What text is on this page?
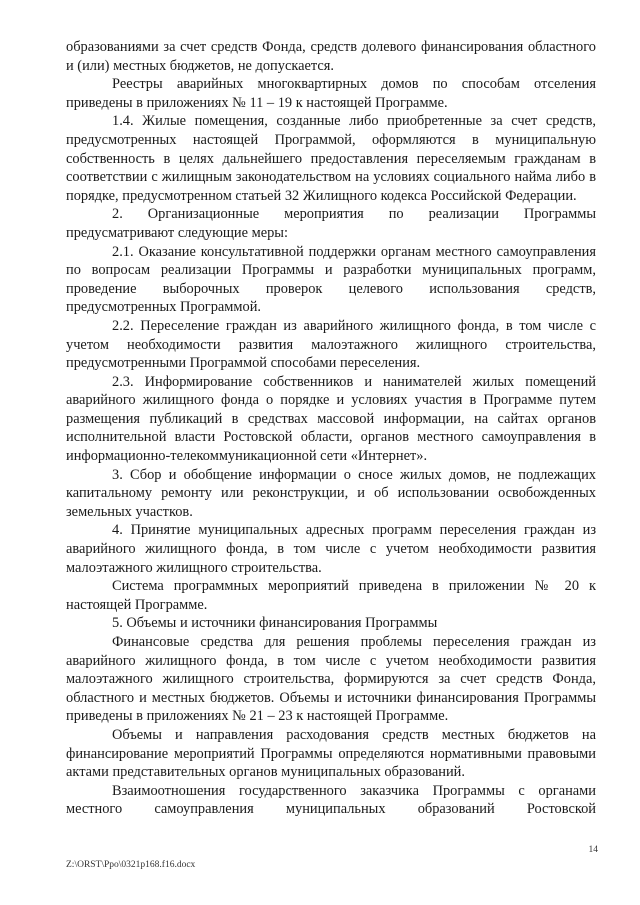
образованиями за счет средств Фонда, средств долевого финансирования областного и (или) местных бюджетов, не допускается.

Реестры аварийных многоквартирных домов по способам отселения приведены в приложениях № 11 – 19 к настоящей Программе.

1.4. Жилые помещения, созданные либо приобретенные за счет средств, предусмотренных настоящей Программой, оформляются в муниципальную собственность в целях дальнейшего предоставления переселяемым гражданам в соответствии с жилищным законодательством на условиях социального найма либо в порядке, предусмотренном статьей 32 Жилищного кодекса Российской Федерации.

2. Организационные мероприятия по реализации Программы предусматривают следующие меры:

2.1. Оказание консультативной поддержки органам местного самоуправления по вопросам реализации Программы и разработки муниципальных программ, проведение выборочных проверок целевого использования средств, предусмотренных Программой.

2.2. Переселение граждан из аварийного жилищного фонда, в том числе с учетом необходимости развития малоэтажного жилищного строительства, предусмотренными Программой способами переселения.

2.3. Информирование собственников и нанимателей жилых помещений аварийного жилищного фонда о порядке и условиях участия в Программе путем размещения публикаций в средствах массовой информации, на сайтах органов исполнительной власти Ростовской области, органов местного самоуправления в информационно-телекоммуникационной сети «Интернет».

3. Сбор и обобщение информации о сносе жилых домов, не подлежащих капитальному ремонту или реконструкции, и об использовании освобожденных земельных участков.

4. Принятие муниципальных адресных программ переселения граждан из аварийного жилищного фонда, в том числе с учетом необходимости развития малоэтажного жилищного строительства.

Система программных мероприятий приведена в приложении № 20 к настоящей Программе.

5. Объемы и источники финансирования Программы

Финансовые средства для решения проблемы переселения граждан из аварийного жилищного фонда, в том числе с учетом необходимости развития малоэтажного жилищного строительства, формируются за счет средств Фонда, областного и местных бюджетов. Объемы и источники финансирования Программы приведены в приложениях № 21 – 23 к настоящей Программе.

Объемы и направления расходования средств местных бюджетов на финансирование мероприятий Программы определяются нормативными правовыми актами представительных органов муниципальных образований.

Взаимоотношения государственного заказчика Программы с органами местного самоуправления муниципальных образований Ростовской

14
Z:\ORST\Ppo\0321p168.f16.docx
